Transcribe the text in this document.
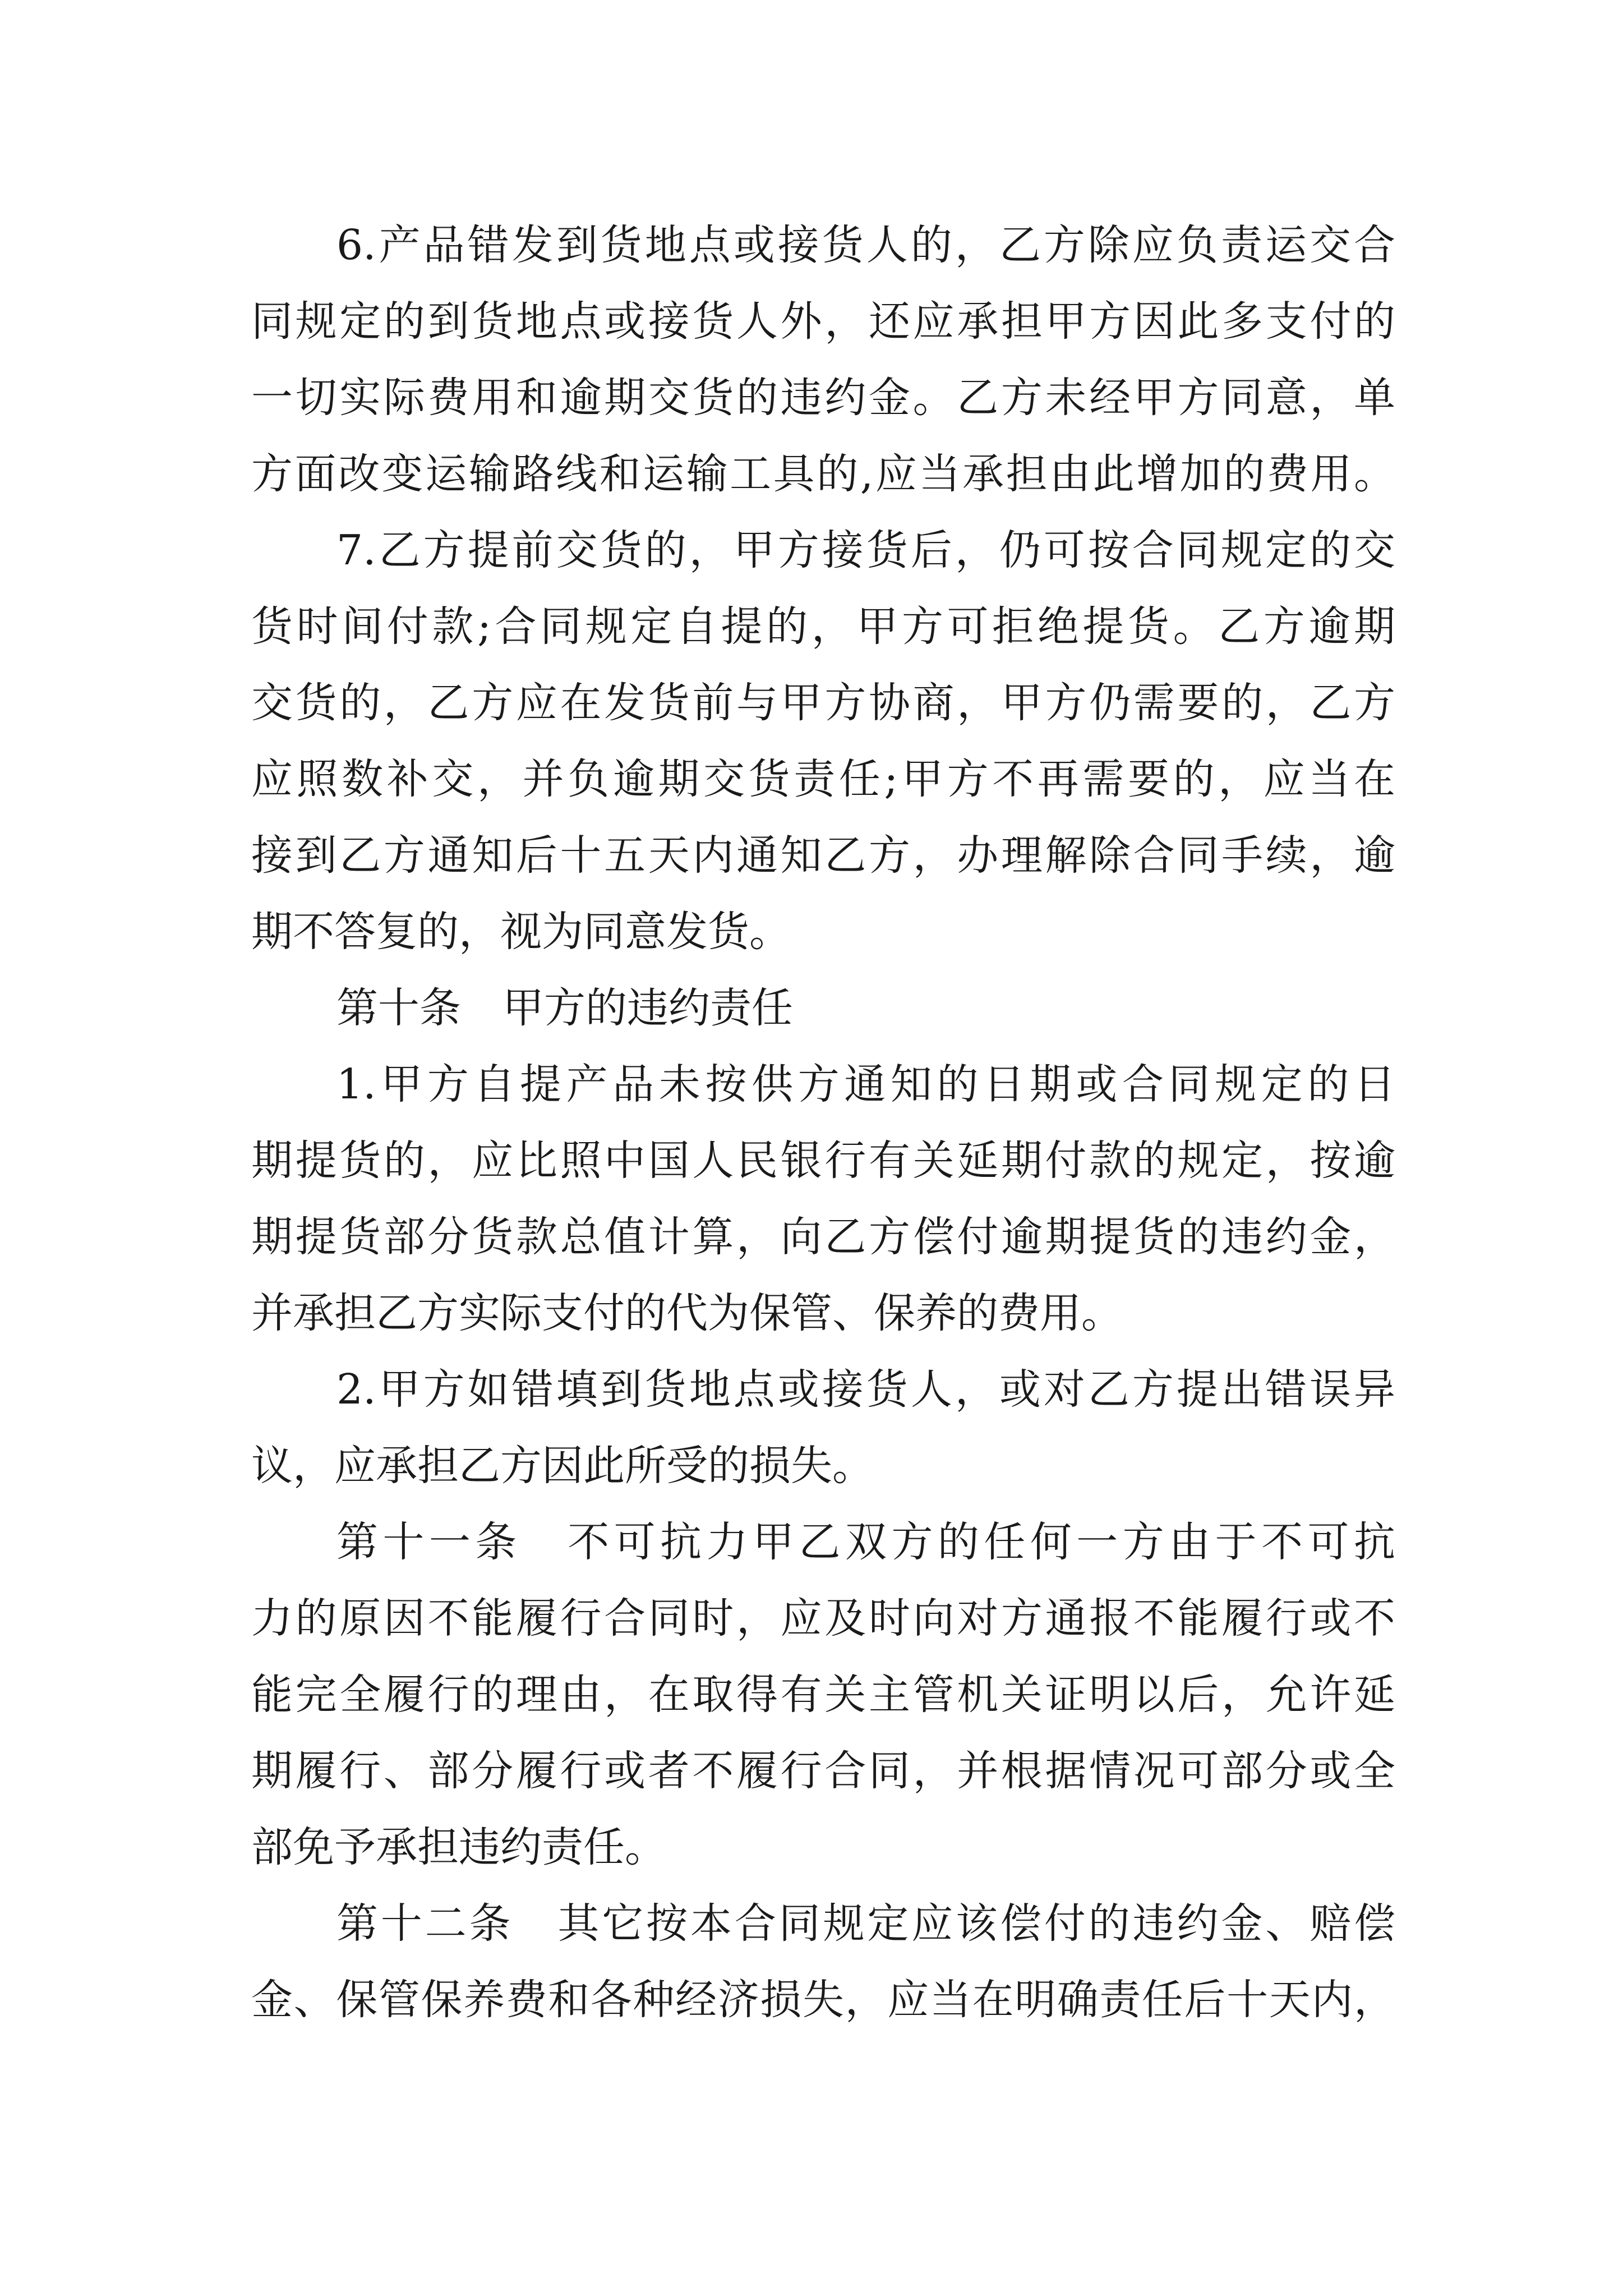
6.产品错发到货地点或接货人的，乙方除应负责运交合
同规定的到货地点或接货人外，还应承担甲方因此多支付的
一切实际费用和逾期交货的违约金。乙方未经甲方同意，单
方面改变运输路线和运输工具的,应当承担由此增加的费用。
7.乙方提前交货的，甲方接货后，仍可按合同规定的交
货时间付款;合同规定自提的，甲方可拒绝提货。乙方逾期
交货的，乙方应在发货前与甲方协商，甲方仍需要的，乙方
应照数补交，并负逾期交货责任;甲方不再需要的，应当在
接到乙方通知后十五天内通知乙方，办理解除合同手续，逾
期不答复的，视为同意发货。
第十条　甲方的违约责任
1.甲方自提产品未按供方通知的日期或合同规定的日
期提货的，应比照中国人民银行有关延期付款的规定，按逾
期提货部分货款总值计算，向乙方偿付逾期提货的违约金，
并承担乙方实际支付的代为保管、保养的费用。
2.甲方如错填到货地点或接货人，或对乙方提出错误异
议，应承担乙方因此所受的损失。
第十一条　不可抗力甲乙双方的任何一方由于不可抗
力的原因不能履行合同时，应及时向对方通报不能履行或不
能完全履行的理由，在取得有关主管机关证明以后，允许延
期履行、部分履行或者不履行合同，并根据情况可部分或全
部免予承担违约责任。
第十二条　其它按本合同规定应该偿付的违约金、赔偿
金、保管保养费和各种经济损失，应当在明确责任后十天内，
